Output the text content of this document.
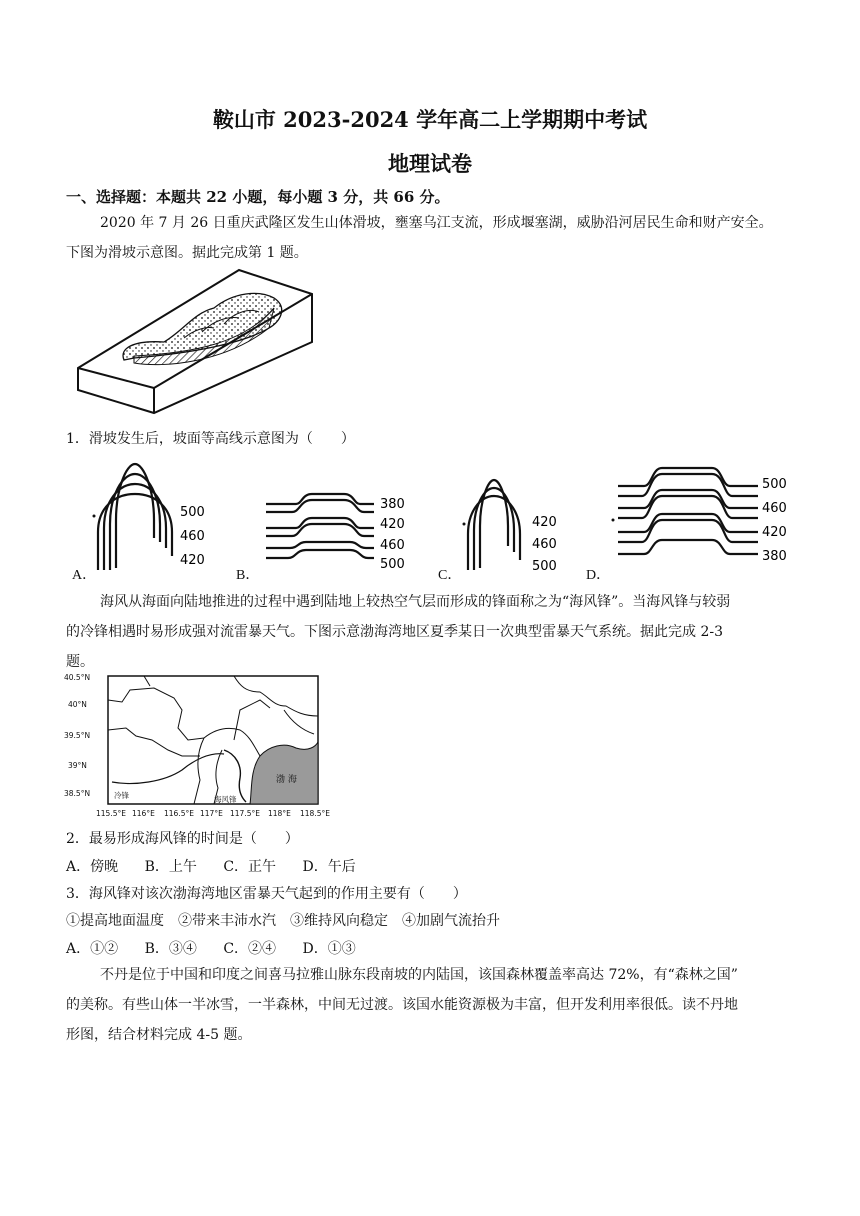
鞍山市 2023-2024 学年高二上学期期中考试
地理试卷
一、选择题：本题共 22 小题，每小题 3 分，共 66 分。
2020 年 7 月 26 日重庆武隆区发生山体滑坡，壅塞乌江支流，形成堰塞湖，威胁沿河居民生命和财产安全。
下图为滑坡示意图。据此完成第 1 题。
1．滑坡发生后，坡面等高线示意图为（　　）
500
460
420
A．
380
420
460
500
B．
420
460
500
C．
500
460
420
380
D．
海风从海面向陆地推进的过程中遇到陆地上较热空气层而形成的锋面称之为“海风锋”。当海风锋与较弱
的冷锋相遇时易形成强对流雷暴天气。下图示意渤海湾地区夏季某日一次典型雷暴天气系统。据此完成 2-3
题。
渤 海
冷锋	海风锋
40.5°N
40°N
39.5°N
39°N
38.5°N
115.5°E 116°E 116.5°E 117°E 117.5°E 118°E 118.5°E
2．最易形成海风锋的时间是（　　）
A．傍晚 B．上午 C．正午 D．午后
3．海风锋对该次渤海湾地区雷暴天气起到的作用主要有（　　）
①提高地面温度　②带来丰沛水汽　③维持风向稳定　④加剧气流抬升
A．①② B．③④ C．②④ D．①③
不丹是位于中国和印度之间喜马拉雅山脉东段南坡的内陆国，该国森林覆盖率高达 72%，有“森林之国”
的美称。有些山体一半冰雪，一半森林，中间无过渡。该国水能资源极为丰富，但开发利用率很低。读不丹地
形图，结合材料完成 4-5 题。
